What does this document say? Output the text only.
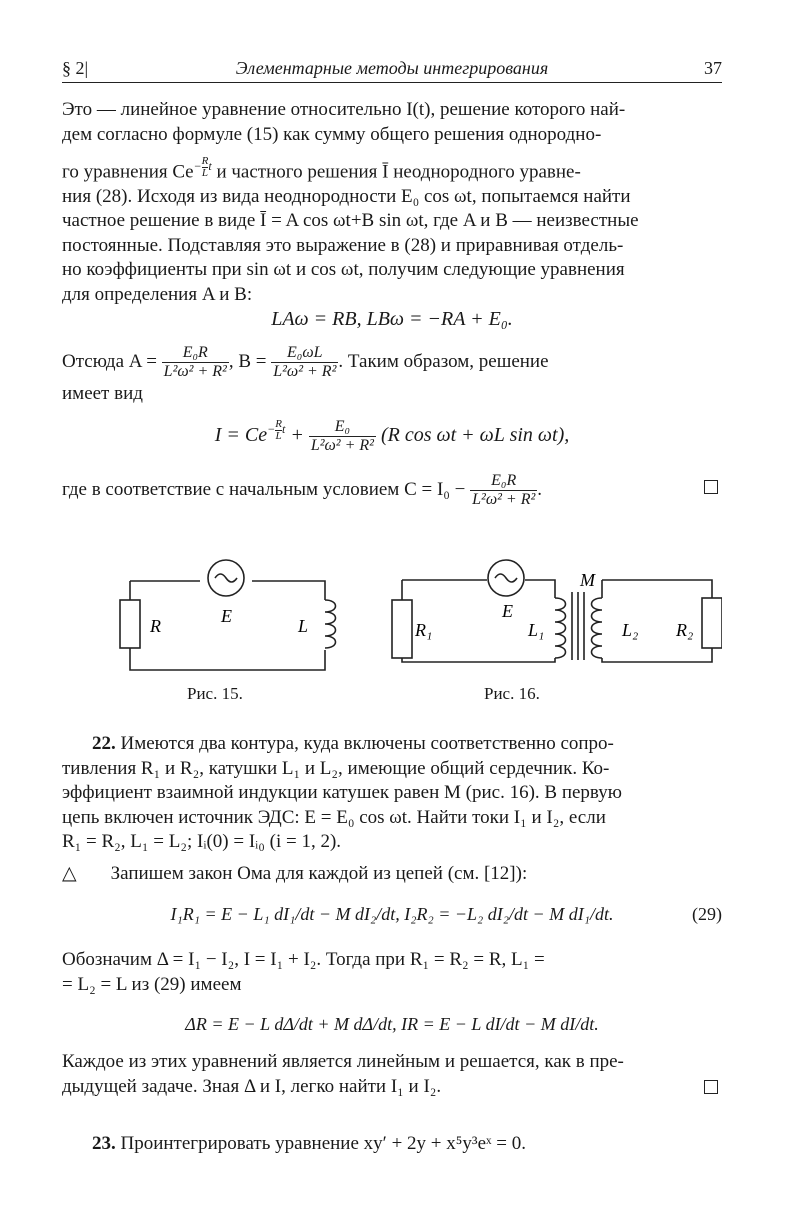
§ 2|	Элементарные методы интегрирования	37
Это — линейное уравнение относительно I(t), решение которого най-
дем согласно формуле (15) как сумму общего решения однородно-
го уравнения $Ce^{- \frac{R}{L} t}$ и частного решения Ī неоднородного уравне-
ния (28). Исходя из вида неоднородности E₀ cos ωt, попытаемся найти
частное решение в виде Ī = A cos ωt+B sin ωt, где A и B — неизвестные
постоянные. Подставляя это выражение в (28) и приравнивая отдель-
но коэффициенты при sin ωt и cos ωt, получим следующие уравнения
для определения A и B:
LAω = RB, LBω = −RA + E₀.
Отсюда $A = \frac{\text{E₀R}}{\text{L²ω² + R²}}$ , $B = \frac{\text{E₀ωL}}{\text{L²ω² + R²}}$ . Таким образом, решение
имеет вид
$I = Ce^{- \frac{R}{L} t} + \frac{\text{E₀}}{\text{L²ω² + R²}} (R$ cos ωt + ωL sin ωt),
где в соответствие с начальным условием $C = I_0 - \frac{\text{E₀R}}{\text{L²ω² + R²}}$ .
E
R	L
E
M
R₁	L₁	L₂ R₂
Рис. 15.	Рис. 16.
22. Имеются два контура, куда включены соответственно сопро-
тивления R₁ и R₂, катушки L₁ и L₂, имеющие общий сердечник. Ко-
эффициент взаимной индукции катушек равен M (рис. 16). В первую
цепь включен источник ЭДС: E = E₀ cos ωt. Найти токи I₁ и I₂, если
R₁ = R₂, L₁ = L₂; Iᵢ(0) = Iᵢ₀ (i = 1, 2).
△ Запишем закон Ома для каждой из цепей (см. [12]):
I₁R₁ = E − L₁ dI₁/dt − M dI₂/dt, I₂R₂ = −L₂ dI₂/dt − M dI₁/dt.	(29)
Обозначим Δ = I₁ − I₂, I = I₁ + I₂. Тогда при R₁ = R₂ = R, L₁ =
= L₂ = L из (29) имеем
ΔR = E − L dΔ/dt + M dΔ/dt, IR = E − L dI/dt − M dI/dt.
Каждое из этих уравнений является линейным и решается, как в пре-
дыдущей задаче. Зная Δ и I, легко найти I₁ и I₂.
23. Проинтегрировать уравнение xy′ + 2y + x⁵y³eˣ = 0.
